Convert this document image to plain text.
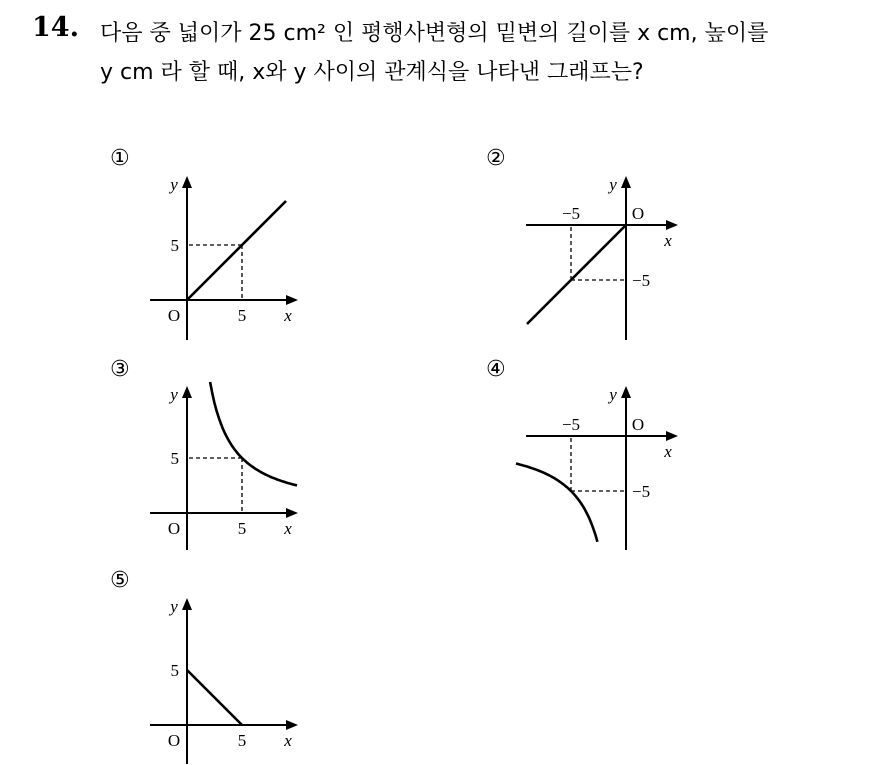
14. 다음 중 넓이가 25 cm² 인 평행사변형의 밑변의 길이를 x cm, 높이를
y cm 라 할 때, x와 y 사이의 관계식을 나타낸 그래프는?
①
x
y
O	5
5
②
x
y
O
−5
−5
③
x
y
O	5
5
④
x
y
O
−5
−5
⑤
x
y
O	5
5
